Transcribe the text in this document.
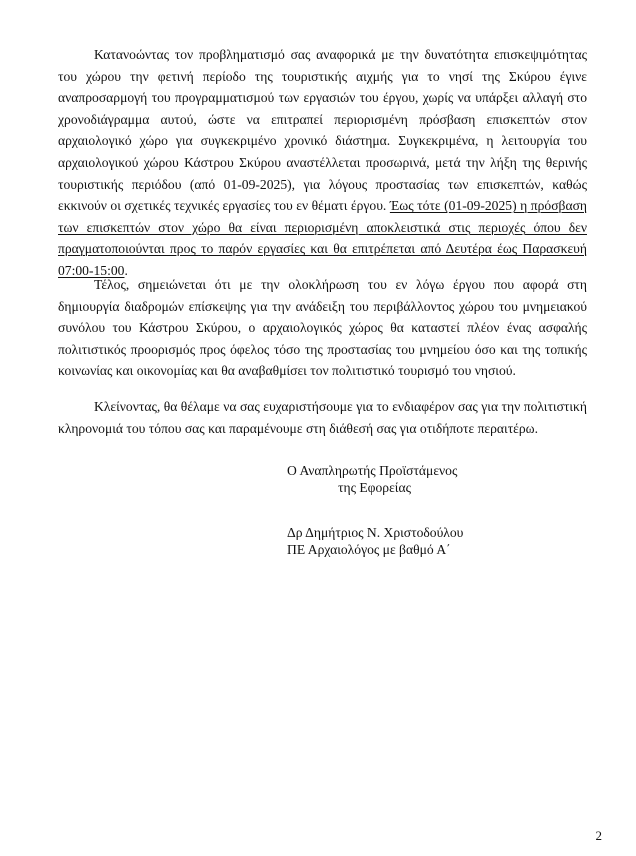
Κατανοώντας τον προβληματισμό σας αναφορικά με την δυνατότητα επισκεψιμότητας του χώρου την φετινή περίοδο της τουριστικής αιχμής για το νησί της Σκύρου έγινε αναπροσαρμογή του προγραμματισμού των εργασιών του έργου, χωρίς να υπάρξει αλλαγή στο χρονοδιάγραμμα αυτού, ώστε να επιτραπεί περιορισμένη πρόσβαση επισκεπτών στον αρχαιολογικό χώρο για συγκεκριμένο χρονικό διάστημα. Συγκεκριμένα, η λειτουργία του αρχαιολογικού χώρου Κάστρου Σκύρου αναστέλλεται προσωρινά, μετά την λήξη της θερινής τουριστικής περιόδου (από 01-09-2025), για λόγους προστασίας των επισκεπτών, καθώς εκκινούν οι σχετικές τεχνικές εργασίες του εν θέματι έργου. Έως τότε (01-09-2025) η πρόσβαση των επισκεπτών στον χώρο θα είναι περιορισμένη αποκλειστικά στις περιοχές όπου δεν πραγματοποιούνται προς το παρόν εργασίες και θα επιτρέπεται από Δευτέρα έως Παρασκευή 07:00-15:00.

Τέλος, σημειώνεται ότι με την ολοκλήρωση του εν λόγω έργου που αφορά στη δημιουργία διαδρομών επίσκεψης για την ανάδειξη του περιβάλλοντος χώρου του μνημειακού συνόλου του Κάστρου Σκύρου, ο αρχαιολογικός χώρος θα καταστεί πλέον ένας ασφαλής πολιτιστικός προορισμός προς όφελος τόσο της προστασίας του μνημείου όσο και της τοπικής κοινωνίας και οικονομίας και θα αναβαθμίσει τον πολιτιστικό τουρισμό του νησιού.

Κλείνοντας, θα θέλαμε να σας ευχαριστήσουμε για το ενδιαφέρον σας για την πολιτιστική κληρονομιά του τόπου σας και παραμένουμε στη διάθεσή σας για οτιδήποτε περαιτέρω.

Ο Αναπληρωτής Προϊστάμενος
της Εφορείας
Δρ Δημήτριος Ν. Χριστοδούλου
ΠΕ Αρχαιολόγος με βαθμό Α΄
2
